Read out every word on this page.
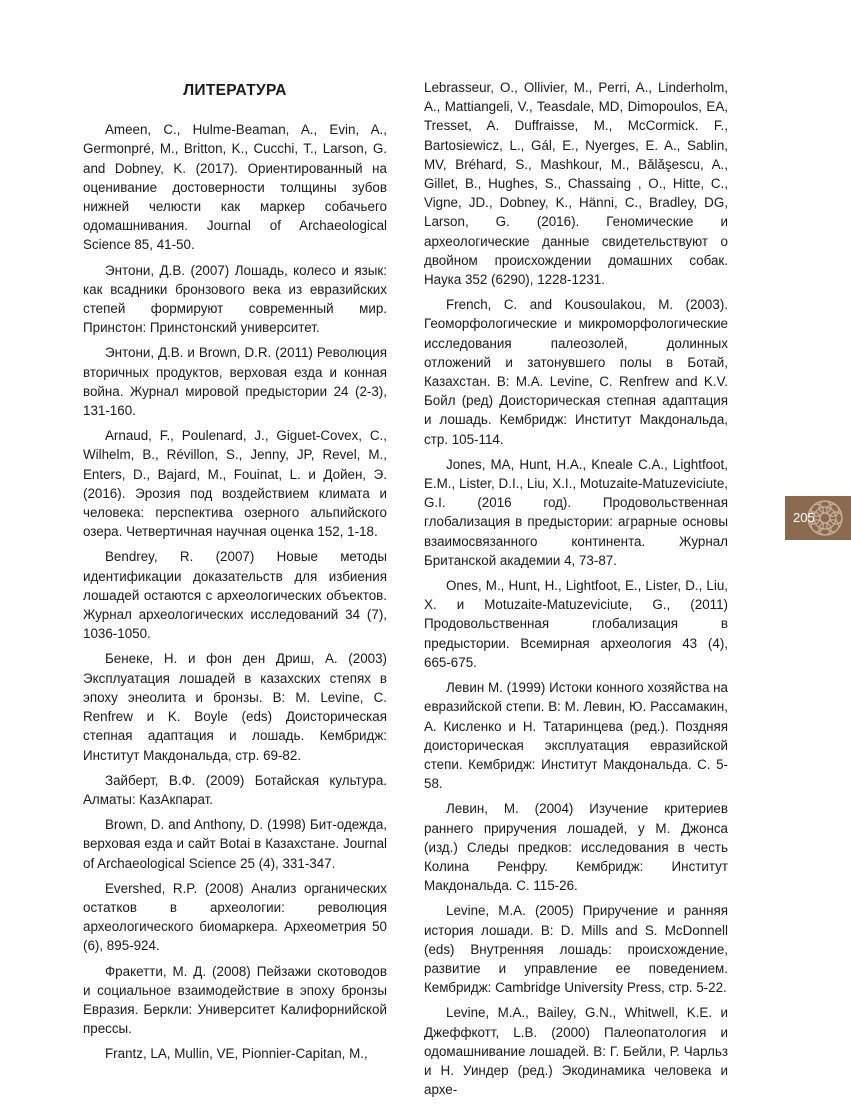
ЛИТЕРАТУРА

Ameen, C., Hulme-Beaman, A., Evin, A., Germonpré, M., Britton, K., Cucchi, T., Larson, G. and Dobney, K. (2017). Ориентированный на оценивание достоверности толщины зубов нижней челюсти как маркер собачьего одомашнивания. Journal of Archaeological Science 85, 41-50.

Энтони, Д.В. (2007) Лошадь, колесо и язык: как всадники бронзового века из евразийских степей формируют современный мир. Принстон: Принстонский университет.

Энтони, Д.В. и Brown, D.R. (2011) Революция вторичных продуктов, верховая езда и конная война. Журнал мировой предыстории 24 (2-3), 131-160.

Arnaud, F., Poulenard, J., Giguet-Covex, C., Wilhelm, B., Révillon, S., Jenny, JP, Revel, M., Enters, D., Bajard, M., Fouinat, L. и Дойен, Э. (2016). Эрозия под воздействием климата и человека: перспектива озерного альпийского озера. Четвертичная научная оценка 152, 1-18.

Bendrey, R. (2007) Новые методы идентификации доказательств для избиения лошадей остаются с археологических объектов. Журнал археологических исследований 34 (7), 1036-1050.

Бенеке, Н. и фон ден Дриш, А. (2003) Эксплуатация лошадей в казахских степях в эпоху энеолита и бронзы. В: M. Levine, C. Renfrew и K. Boyle (eds) Доисторическая степная адаптация и лошадь. Кембридж: Институт Макдональда, стр. 69-82.

Зайберт, В.Ф. (2009) Ботайская культура. Алматы: КазАкпарат.

Brown, D. and Anthony, D. (1998) Бит-одежда, верховая езда и сайт Botai в Казахстане. Journal of Archaeological Science 25 (4), 331-347.

Evershed, R.P. (2008) Анализ органических остатков в археологии: революция археологического биомаркера. Археометрия 50 (6), 895-924.

Фракетти, М. Д. (2008) Пейзажи скотоводов и социальное взаимодействие в эпоху бронзы Евразия. Беркли: Университет Калифорнийской прессы.

Frantz, LA, Mullin, VE, Pionnier-Capitan, M.,

Lebrasseur, O., Ollivier, M., Perri, A., Linderholm, A., Mattiangeli, V., Teasdale, MD, Dimopoulos, EA, Tresset, A. Duffraisse, M., McCormick. F., Bartosiewicz, L., Gál, E., Nyerges, E. A., Sablin, MV, Bréhard, S., Mashkour, M., Bălăşescu, A., Gillet, B., Hughes, S., Chassaing , O., Hitte, C., Vigne, JD., Dobney, K., Hänni, C., Bradley, DG, Larson, G. (2016). Геномические и археологические данные свидетельствуют о двойном происхождении домашних собак. Наука 352 (6290), 1228-1231.

French, C. and Kousoulakou, M. (2003). Геоморфологические и микроморфологические исследования палеозолей, долинных отложений и затонувшего полы в Ботай, Казахстан. В: M.A. Levine, C. Renfrew and K.V. Бойл (ред) Доисторическая степная адаптация и лошадь. Кембридж: Институт Макдональда, стр. 105-114.

Jones, MA, Hunt, H.A., Kneale C.A., Lightfoot, E.M., Lister, D.I., Liu, X.I., Motuzaite-Matuzeviciute, G.I. (2016 год). Продовольственная глобализация в предыстории: аграрные основы взаимосвязанного континента. Журнал Британской академии 4, 73-87.

Ones, M., Hunt, H., Lightfoot, E., Lister, D., Liu, X. и Motuzaite-Matuzeviciute, G., (2011) Продовольственная глобализация в предыстории. Всемирная археология 43 (4), 665-675.

Левин М. (1999) Истоки конного хозяйства на евразийской степи. В: М. Левин, Ю. Рассамакин, А. Кисленко и Н. Татаринцева (ред.). Поздняя доисторическая эксплуатация евразийской степи. Кембридж: Институт Макдональда. С. 5-58.

Левин, М. (2004) Изучение критериев раннего приручения лошадей, у М. Джонса (изд.) Следы предков: исследования в честь Колина Ренфру. Кембридж: Институт Макдональда. С. 115-26.

Levine, M.A. (2005) Приручение и ранняя история лошади. В: D. Mills and S. McDonnell (eds) Внутренняя лошадь: происхождение, развитие и управление ее поведением. Кембридж: Cambridge University Press, стр. 5-22.

Levine, M.A., Bailey, G.N., Whitwell, K.E. и Джеффкотт, L.B. (2000) Палеопатология и одомашнивание лошадей. В: Г. Бейли, Р. Чарльз и Н. Уиндер (ред.) Экодинамика человека и архе-

205
